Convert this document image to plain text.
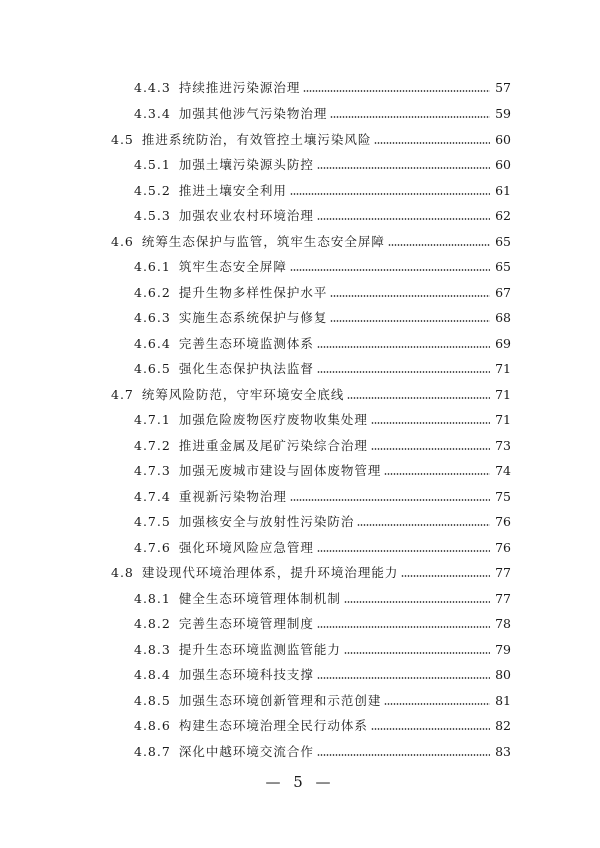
4.4.3 持续推进污染源治理	57
4.3.4 加强其他涉气污染物治理	59
4.5 推进系统防治，有效管控土壤污染风险	60
4.5.1 加强土壤污染源头防控	60
4.5.2 推进土壤安全利用	61
4.5.3 加强农业农村环境治理	62
4.6 统筹生态保护与监管，筑牢生态安全屏障	65
4.6.1 筑牢生态安全屏障	65
4.6.2 提升生物多样性保护水平	67
4.6.3 实施生态系统保护与修复	68
4.6.4 完善生态环境监测体系	69
4.6.5 强化生态保护执法监督	71
4.7 统筹风险防范，守牢环境安全底线	71
4.7.1 加强危险废物医疗废物收集处理	71
4.7.2 推进重金属及尾矿污染综合治理	73
4.7.3 加强无废城市建设与固体废物管理	74
4.7.4 重视新污染物治理	75
4.7.5 加强核安全与放射性污染防治	76
4.7.6 强化环境风险应急管理	76
4.8 建设现代环境治理体系，提升环境治理能力	77
4.8.1 健全生态环境管理体制机制	77
4.8.2 完善生态环境管理制度	78
4.8.3 提升生态环境监测监管能力	79
4.8.4 加强生态环境科技支撑	80
4.8.5 加强生态环境创新管理和示范创建	81
4.8.6 构建生态环境治理全民行动体系	82
4.8.7 深化中越环境交流合作	83
— 5 —
